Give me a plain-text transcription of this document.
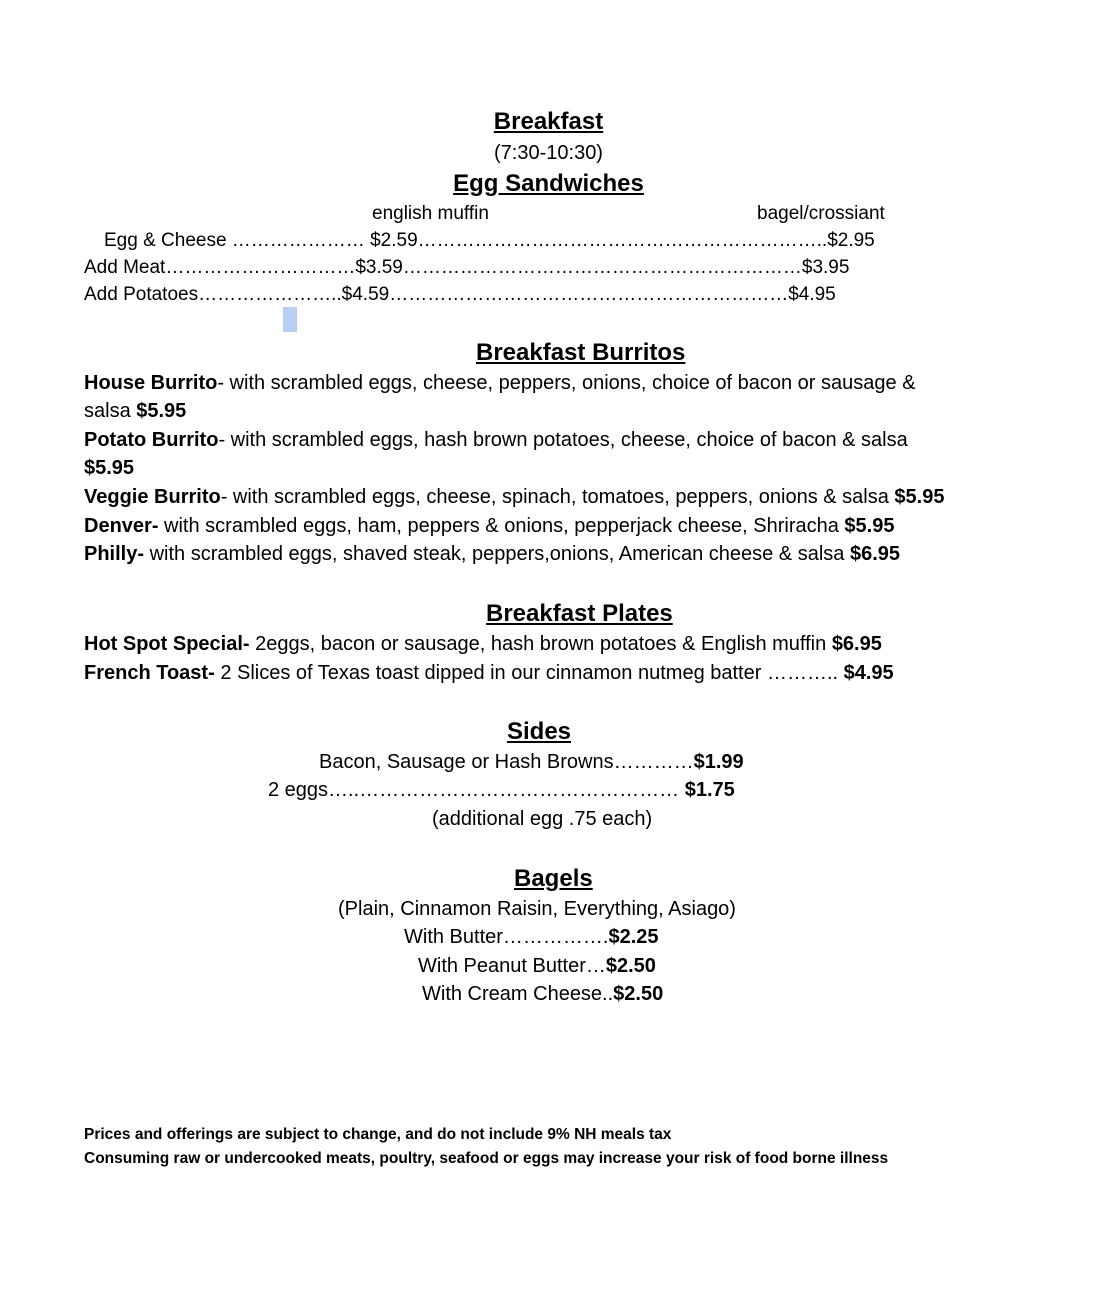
Breakfast
(7:30-10:30)
Egg Sandwiches
english muffin	bagel/crossiant
Egg & Cheese ………………… $2.59………………………………………………………..$2.95
Add Meat…………………………$3.59………………………………………………………$3.95
Add Potatoes…………………..$4.59………………………………………………………$4.95
Breakfast Burritos
House Burrito- with scrambled eggs, cheese, peppers, onions, choice of bacon or sausage &
salsa $5.95
Potato Burrito- with scrambled eggs, hash brown potatoes, cheese, choice of bacon & salsa
$5.95
Veggie Burrito- with scrambled eggs, cheese, spinach, tomatoes, peppers, onions & salsa $5.95
Denver- with scrambled eggs, ham, peppers & onions, pepperjack cheese, Shriracha $5.95
Philly- with scrambled eggs, shaved steak, peppers,onions, American cheese & salsa $6.95
Breakfast Plates
Hot Spot Special- 2eggs, bacon or sausage, hash brown potatoes & English muffin $6.95
French Toast- 2 Slices of Texas toast dipped in our cinnamon nutmeg batter ……….. $4.95
Sides
Bacon, Sausage or Hash Browns…………$1.99
2 eggs…..………………………………………… $1.75
(additional egg .75 each)
Bagels
(Plain, Cinnamon Raisin, Everything, Asiago)
With Butter…………….$2.25
With Peanut Butter…$2.50
With Cream Cheese..$2.50
Prices and offerings are subject to change, and do not include 9% NH meals tax
Consuming raw or undercooked meats, poultry, seafood or eggs may increase your risk of food borne illness
